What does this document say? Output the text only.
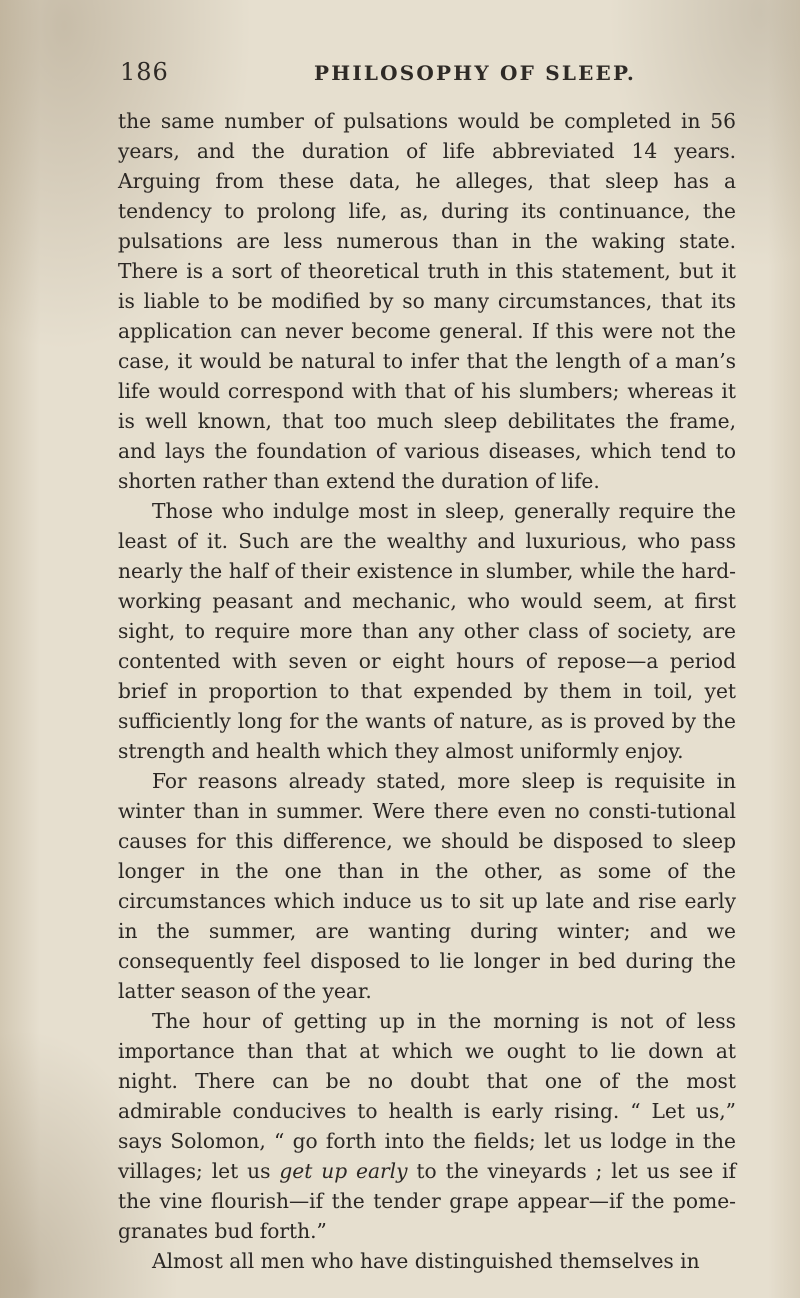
186	PHILOSOPHY OF SLEEP.

the same number of pulsations would be completed in 56 years, and the duration of life abbreviated 14 years. Arguing from these data, he alleges, that sleep has a tendency to prolong life, as, during its continuance, the pulsations are less numerous than in the waking state. There is a sort of theoretical truth in this statement, but it is liable to be modified by so many circumstances, that its application can never become general. If this were not the case, it would be natural to infer that the length of a man’s life would correspond with that of his slumbers; whereas it is well known, that too much sleep debilitates the frame, and lays the foundation of various diseases, which tend to shorten rather than extend the duration of life.

Those who indulge most in sleep, generally require the least of it. Such are the wealthy and luxurious, who pass nearly the half of their existence in slumber, while the hard-working peasant and mechanic, who would seem, at first sight, to require more than any other class of society, are contented with seven or eight hours of repose—a period brief in proportion to that expended by them in toil, yet sufficiently long for the wants of nature, as is proved by the strength and health which they almost uniformly enjoy.

For reasons already stated, more sleep is requisite in winter than in summer. Were there even no consti-tutional causes for this difference, we should be disposed to sleep longer in the one than in the other, as some of the circumstances which induce us to sit up late and rise early in the summer, are wanting during winter; and we consequently feel disposed to lie longer in bed during the latter season of the year.

The hour of getting up in the morning is not of less importance than that at which we ought to lie down at night. There can be no doubt that one of the most admirable conducives to health is early rising. “ Let us,” says Solomon, “ go forth into the fields; let us lodge in the villages; let us get up early to the vineyards ; let us see if the vine flourish—if the tender grape appear—if the pome-granates bud forth.”

Almost all men who have distinguished themselves in
